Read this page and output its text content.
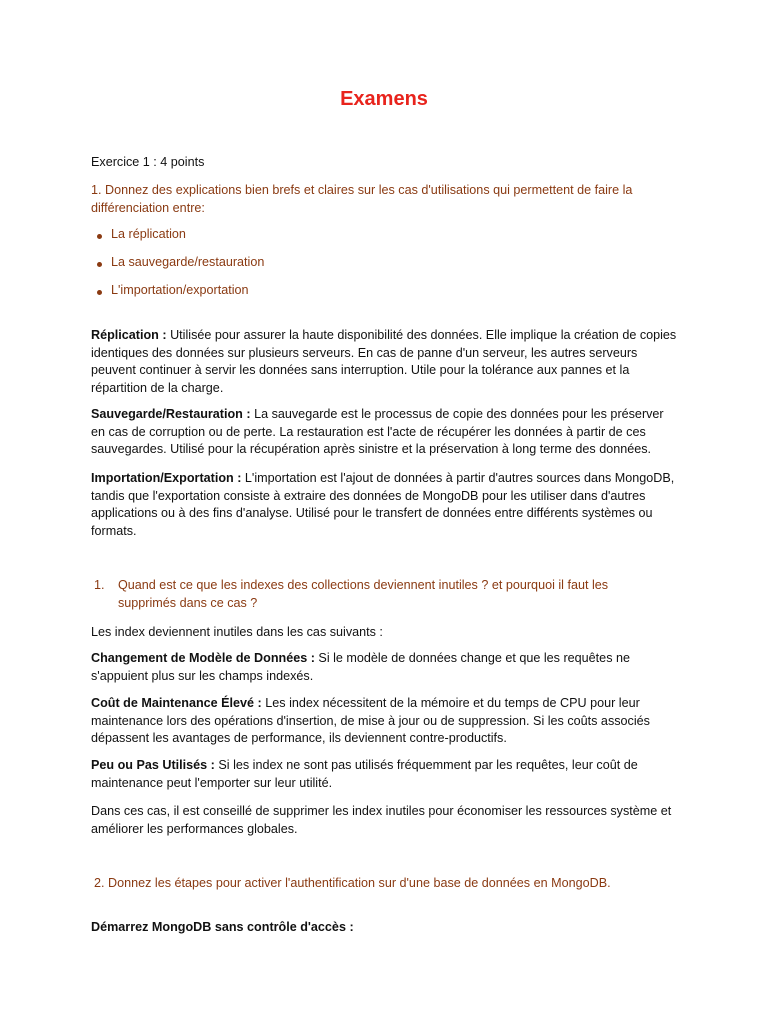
Examens
Exercice 1 : 4 points
1. Donnez des explications bien brefs et claires sur les cas d'utilisations qui permettent de faire la différenciation entre:
La réplication
La sauvegarde/restauration
L'importation/exportation
Réplication : Utilisée pour assurer la haute disponibilité des données. Elle implique la création de copies identiques des données sur plusieurs serveurs. En cas de panne d'un serveur, les autres serveurs peuvent continuer à servir les données sans interruption. Utile pour la tolérance aux pannes et la répartition de la charge.
Sauvegarde/Restauration : La sauvegarde est le processus de copie des données pour les préserver en cas de corruption ou de perte. La restauration est l'acte de récupérer les données à partir de ces sauvegardes. Utilisé pour la récupération après sinistre et la préservation à long terme des données.
Importation/Exportation : L'importation est l'ajout de données à partir d'autres sources dans MongoDB, tandis que l'exportation consiste à extraire des données de MongoDB pour les utiliser dans d'autres applications ou à des fins d'analyse. Utilisé pour le transfert de données entre différents systèmes ou formats.
1. Quand est ce que les indexes des collections deviennent inutiles ? et pourquoi il faut les supprimés dans ce cas ?
Les index deviennent inutiles dans les cas suivants :
Changement de Modèle de Données : Si le modèle de données change et que les requêtes ne s'appuient plus sur les champs indexés.
Coût de Maintenance Élevé : Les index nécessitent de la mémoire et du temps de CPU pour leur maintenance lors des opérations d'insertion, de mise à jour ou de suppression. Si les coûts associés dépassent les avantages de performance, ils deviennent contre-productifs.
Peu ou Pas Utilisés : Si les index ne sont pas utilisés fréquemment par les requêtes, leur coût de maintenance peut l'emporter sur leur utilité.
Dans ces cas, il est conseillé de supprimer les index inutiles pour économiser les ressources système et améliorer les performances globales.
2. Donnez les étapes pour activer l'authentification sur d'une base de données en MongoDB.
Démarrez MongoDB sans contrôle d'accès :
